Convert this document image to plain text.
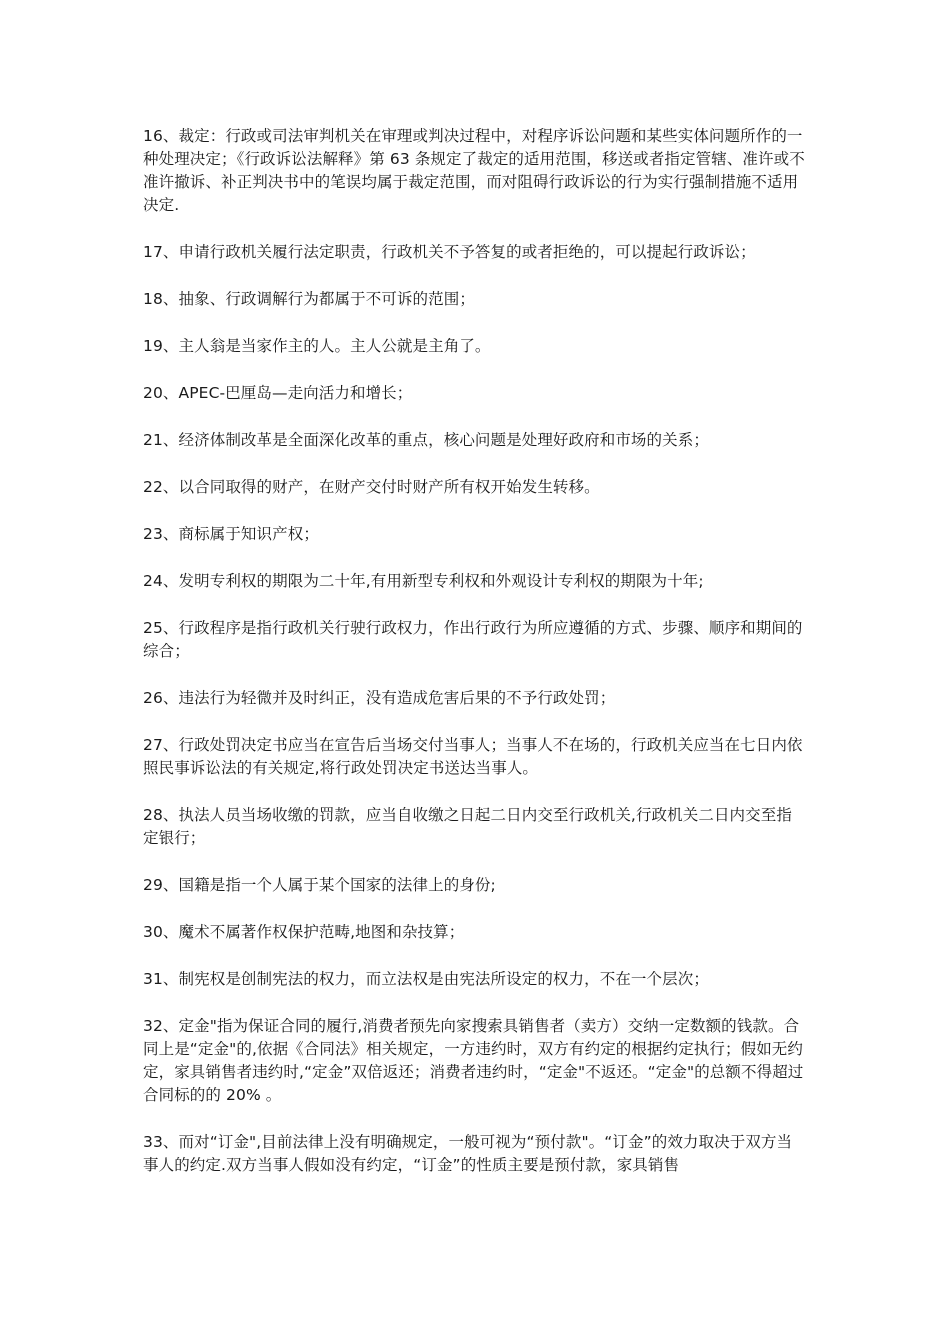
16、裁定：行政或司法审判机关在审理或判决过程中，对程序诉讼问题和某些实体问题所作的一种处理决定；《行政诉讼法解释》第 63 条规定了裁定的适用范围，移送或者指定管辖、准许或不准许撤诉、补正判决书中的笔误均属于裁定范围，而对阻碍行政诉讼的行为实行强制措施不适用决定.

17、申请行政机关履行法定职责，行政机关不予答复的或者拒绝的，可以提起行政诉讼；

18、抽象、行政调解行为都属于不可诉的范围；

19、主人翁是当家作主的人。主人公就是主角了。

20、APEC-巴厘岛—走向活力和增长；

21、经济体制改革是全面深化改革的重点，核心问题是处理好政府和市场的关系；

22、以合同取得的财产，在财产交付时财产所有权开始发生转移。

23、商标属于知识产权；

24、发明专利权的期限为二十年,有用新型专利权和外观设计专利权的期限为十年;

25、行政程序是指行政机关行驶行政权力，作出行政行为所应遵循的方式、步骤、顺序和期间的综合；

26、违法行为轻微并及时纠正，没有造成危害后果的不予行政处罚；

27、行政处罚决定书应当在宣告后当场交付当事人；当事人不在场的，行政机关应当在七日内依照民事诉讼法的有关规定,将行政处罚决定书送达当事人。

28、执法人员当场收缴的罚款，应当自收缴之日起二日内交至行政机关,行政机关二日内交至指定银行；

29、国籍是指一个人属于某个国家的法律上的身份;

30、魔术不属著作权保护范畴,地图和杂技算；

31、制宪权是创制宪法的权力，而立法权是由宪法所设定的权力，不在一个层次；

32、定金"指为保证合同的履行,消费者预先向家搜索具销售者（卖方）交纳一定数额的钱款。合同上是“定金"的,依据《合同法》相关规定，一方违约时，双方有约定的根据约定执行；假如无约定，家具销售者违约时,“定金”双倍返还；消费者违约时，“定金"不返还。“定金"的总额不得超过合同标的的 20% 。

33、而对“订金",目前法律上没有明确规定，一般可视为“预付款"。“订金”的效力取决于双方当事人的约定.双方当事人假如没有约定，“订金”的性质主要是预付款，家具销售
